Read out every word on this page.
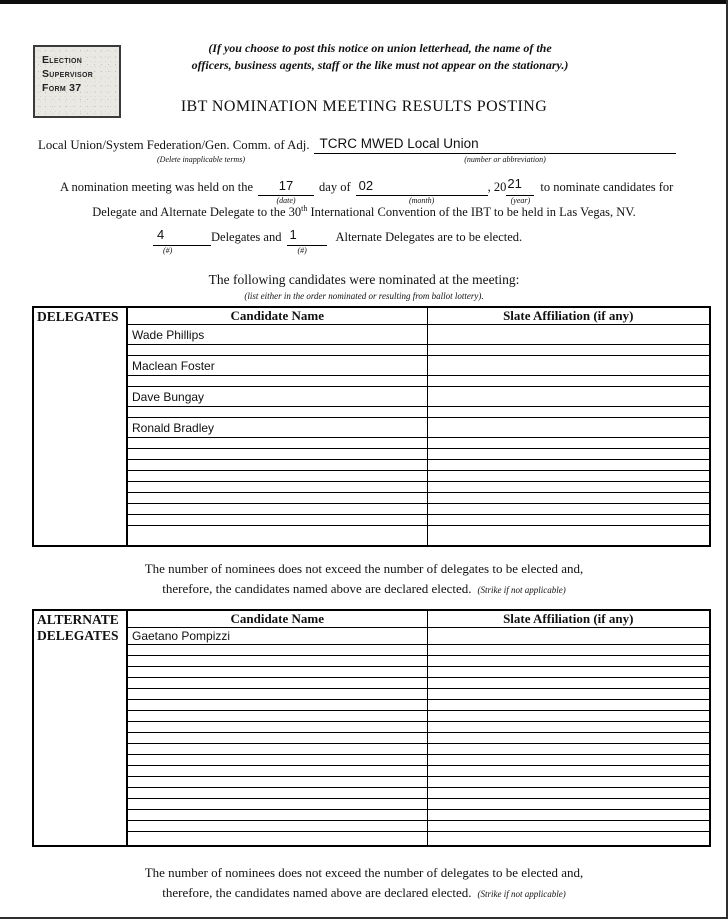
Election
Supervisor
Form 37
(If you choose to post this notice on union letterhead, the name of the
officers, business agents, staff or the like must not appear on the stationary.)
IBT NOMINATION MEETING RESULTS POSTING
Local Union/System Federation/Gen. Comm. of Adj. TCRC MWED Local Union
(Delete inapplicable terms)	(number or abbreviation)
A nomination meeting was held on the	17
(date)
day of 02
(month)
, 20 21
(year)
to nominate candidates for
Delegate and Alternate Delegate to the 30th International Convention of the IBT to be held in Las Vegas, NV.
4
(#)
Delegates and 1
(#)
Alternate Delegates are to be elected.
The following candidates were nominated at the meeting:
(list either in the order nominated or resulting from ballot lottery).
DELEGATES	Candidate Name	Slate Affiliation (if any)
Wade Phillips	

Maclean Foster	

Dave Bungay	

Ronald Bradley	

The number of nominees does not exceed the number of delegates to be elected and,
therefore, the candidates named above are declared elected. (Strike if not applicable)
ALTERNATE
DELEGATES
Candidate Name	Slate Affiliation (if any)
Gaetano Pompizzi	

The number of nominees does not exceed the number of delegates to be elected and,
therefore, the candidates named above are declared elected. (Strike if not applicable)
